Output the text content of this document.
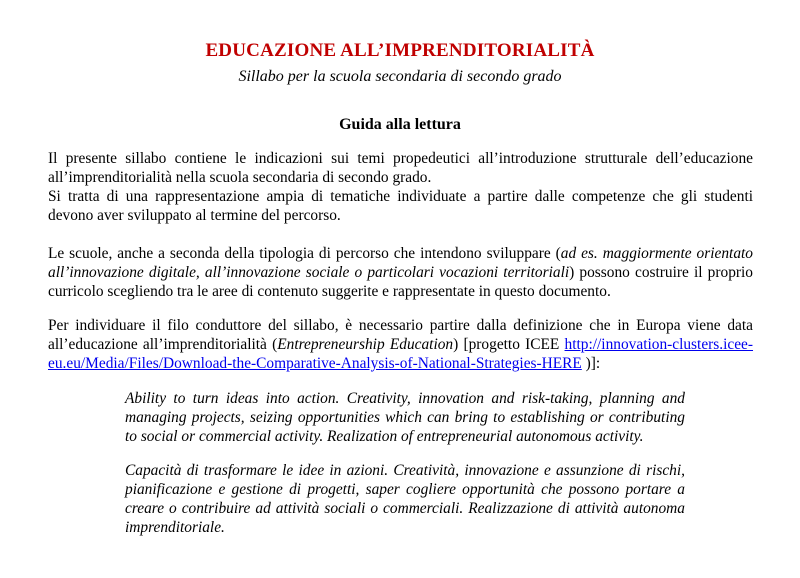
EDUCAZIONE ALL’IMPRENDITORIALITÀ
Sillabo per la scuola secondaria di secondo grado
Guida alla lettura

Il presente sillabo contiene le indicazioni sui temi propedeutici all’introduzione strutturale dell’educazione all’imprenditorialità nella scuola secondaria di secondo grado.

Si tratta di una rappresentazione ampia di tematiche individuate a partire dalle competenze che gli studenti devono aver sviluppato al termine del percorso.

Le scuole, anche a seconda della tipologia di percorso che intendono sviluppare (ad es. maggiormente orientato all’innovazione digitale, all’innovazione sociale o particolari vocazioni territoriali) possono costruire il proprio curricolo scegliendo tra le aree di contenuto suggerite e rappresentate in questo documento.

Per individuare il filo conduttore del sillabo, è necessario partire dalla definizione che in Europa viene data all’educazione all’imprenditorialità (Entrepreneurship Education) [progetto ICEE http://innovation-clusters.icee-eu.eu/Media/Files/Download-the-Comparative-Analysis-of-National-Strategies-HERE )]:

Ability to turn ideas into action. Creativity, innovation and risk-taking, planning and managing projects, seizing opportunities which can bring to establishing or contributing to social or commercial activity. Realization of entrepreneurial autonomous activity.
Capacità di trasformare le idee in azioni. Creatività, innovazione e assunzione di rischi, pianificazione e gestione di progetti, saper cogliere opportunità che possono portare a creare o contribuire ad attività sociali o commerciali. Realizzazione di attività autonoma imprenditoriale.
